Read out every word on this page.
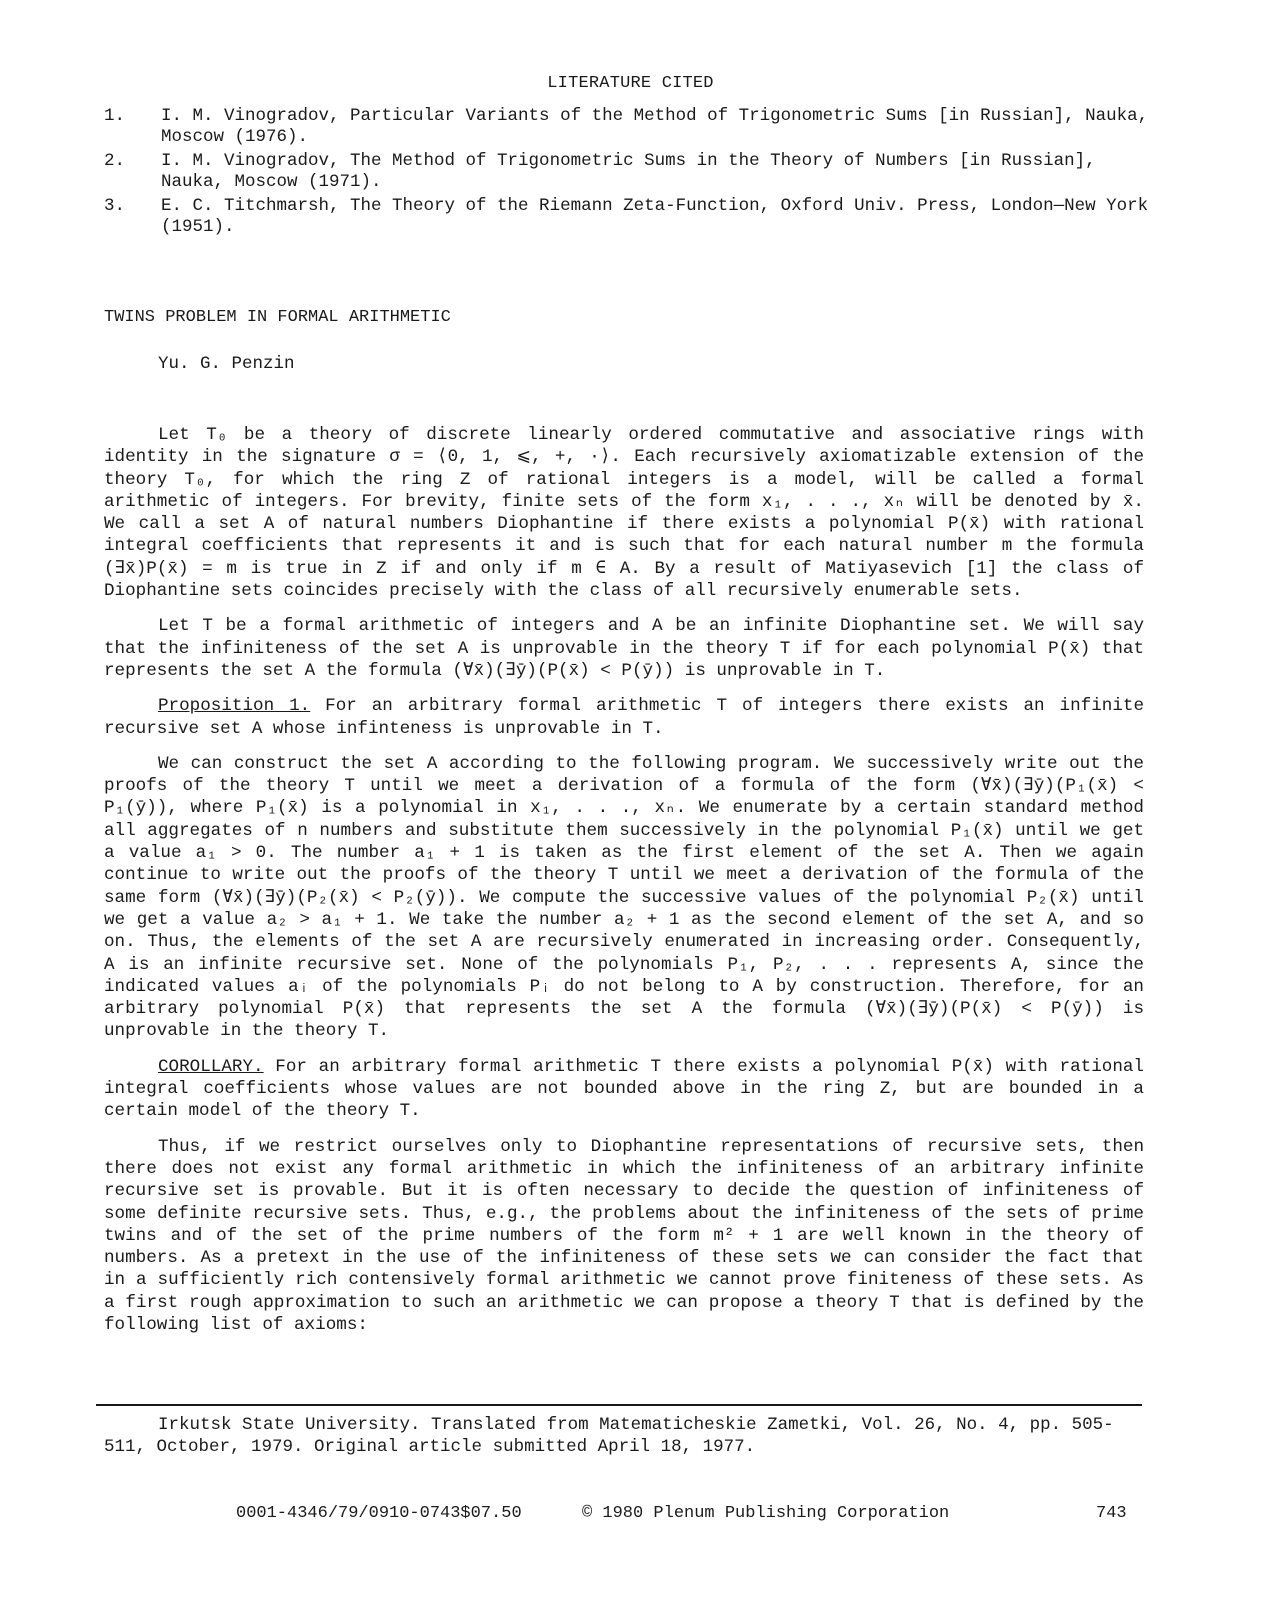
LITERATURE CITED
1. I. M. Vinogradov, Particular Variants of the Method of Trigonometric Sums [in Russian], Nauka, Moscow (1976).
2. I. M. Vinogradov, The Method of Trigonometric Sums in the Theory of Numbers [in Russian], Nauka, Moscow (1971).
3. E. C. Titchmarsh, The Theory of the Riemann Zeta-Function, Oxford Univ. Press, London—New York (1951).
TWINS PROBLEM IN FORMAL ARITHMETIC
Yu. G. Penzin

Let T₀ be a theory of discrete linearly ordered commutative and associative rings with identity in the signature σ = ⟨0, 1, ⩽, +, ·⟩. Each recursively axiomatizable extension of the theory T₀, for which the ring Z of rational integers is a model, will be called a formal arithmetic of integers. For brevity, finite sets of the form x₁, . . ., xₙ will be denoted by x̄. We call a set A of natural numbers Diophantine if there exists a polynomial P(x̄) with rational integral coefficients that represents it and is such that for each natural number m the formula (∃x̄)P(x̄) = m is true in Z if and only if m ∈ A. By a result of Matiyasevich [1] the class of Diophantine sets coincides precisely with the class of all recursively enumerable sets.

Let T be a formal arithmetic of integers and A be an infinite Diophantine set. We will say that the infiniteness of the set A is unprovable in the theory T if for each polynomial P(x̄) that represents the set A the formula (∀x̄)(∃ȳ)(P(x̄) < P(ȳ)) is unprovable in T.

Proposition 1. For an arbitrary formal arithmetic T of integers there exists an infinite recursive set A whose infinteness is unprovable in T.

We can construct the set A according to the following program. We successively write out the proofs of the theory T until we meet a derivation of a formula of the form (∀x̄)(∃ȳ)(P₁(x̄) < P₁(ȳ)), where P₁(x̄) is a polynomial in x₁, . . ., xₙ. We enumerate by a certain standard method all aggregates of n numbers and substitute them successively in the polynomial P₁(x̄) until we get a value a₁ > 0. The number a₁ + 1 is taken as the first element of the set A. Then we again continue to write out the proofs of the theory T until we meet a derivation of the formula of the same form (∀x̄)(∃ȳ)(P₂(x̄) < P₂(ȳ)). We compute the successive values of the polynomial P₂(x̄) until we get a value a₂ > a₁ + 1. We take the number a₂ + 1 as the second element of the set A, and so on. Thus, the elements of the set A are recursively enumerated in increasing order. Consequently, A is an infinite recursive set. None of the polynomials P₁, P₂, . . . represents A, since the indicated values aᵢ of the polynomials Pᵢ do not belong to A by construction. Therefore, for an arbitrary polynomial P(x̄) that represents the set A the formula (∀x̄)(∃ȳ)(P(x̄) < P(ȳ)) is unprovable in the theory T.

COROLLARY. For an arbitrary formal arithmetic T there exists a polynomial P(x̄) with rational integral coefficients whose values are not bounded above in the ring Z, but are bounded in a certain model of the theory T.

Thus, if we restrict ourselves only to Diophantine representations of recursive sets, then there does not exist any formal arithmetic in which the infiniteness of an arbitrary infinite recursive set is provable. But it is often necessary to decide the question of infiniteness of some definite recursive sets. Thus, e.g., the problems about the infiniteness of the sets of prime twins and of the set of the prime numbers of the form m² + 1 are well known in the theory of numbers. As a pretext in the use of the infiniteness of these sets we can consider the fact that in a sufficiently rich contensively formal arithmetic we cannot prove finiteness of these sets. As a first rough approximation to such an arithmetic we can propose a theory T that is defined by the following list of axioms:

Irkutsk State University. Translated from Matematicheskie Zametki, Vol. 26, No. 4, pp. 505-511, October, 1979. Original article submitted April 18, 1977.
0001-4346/79/0910-0743$07.50	© 1980 Plenum Publishing Corporation	743
